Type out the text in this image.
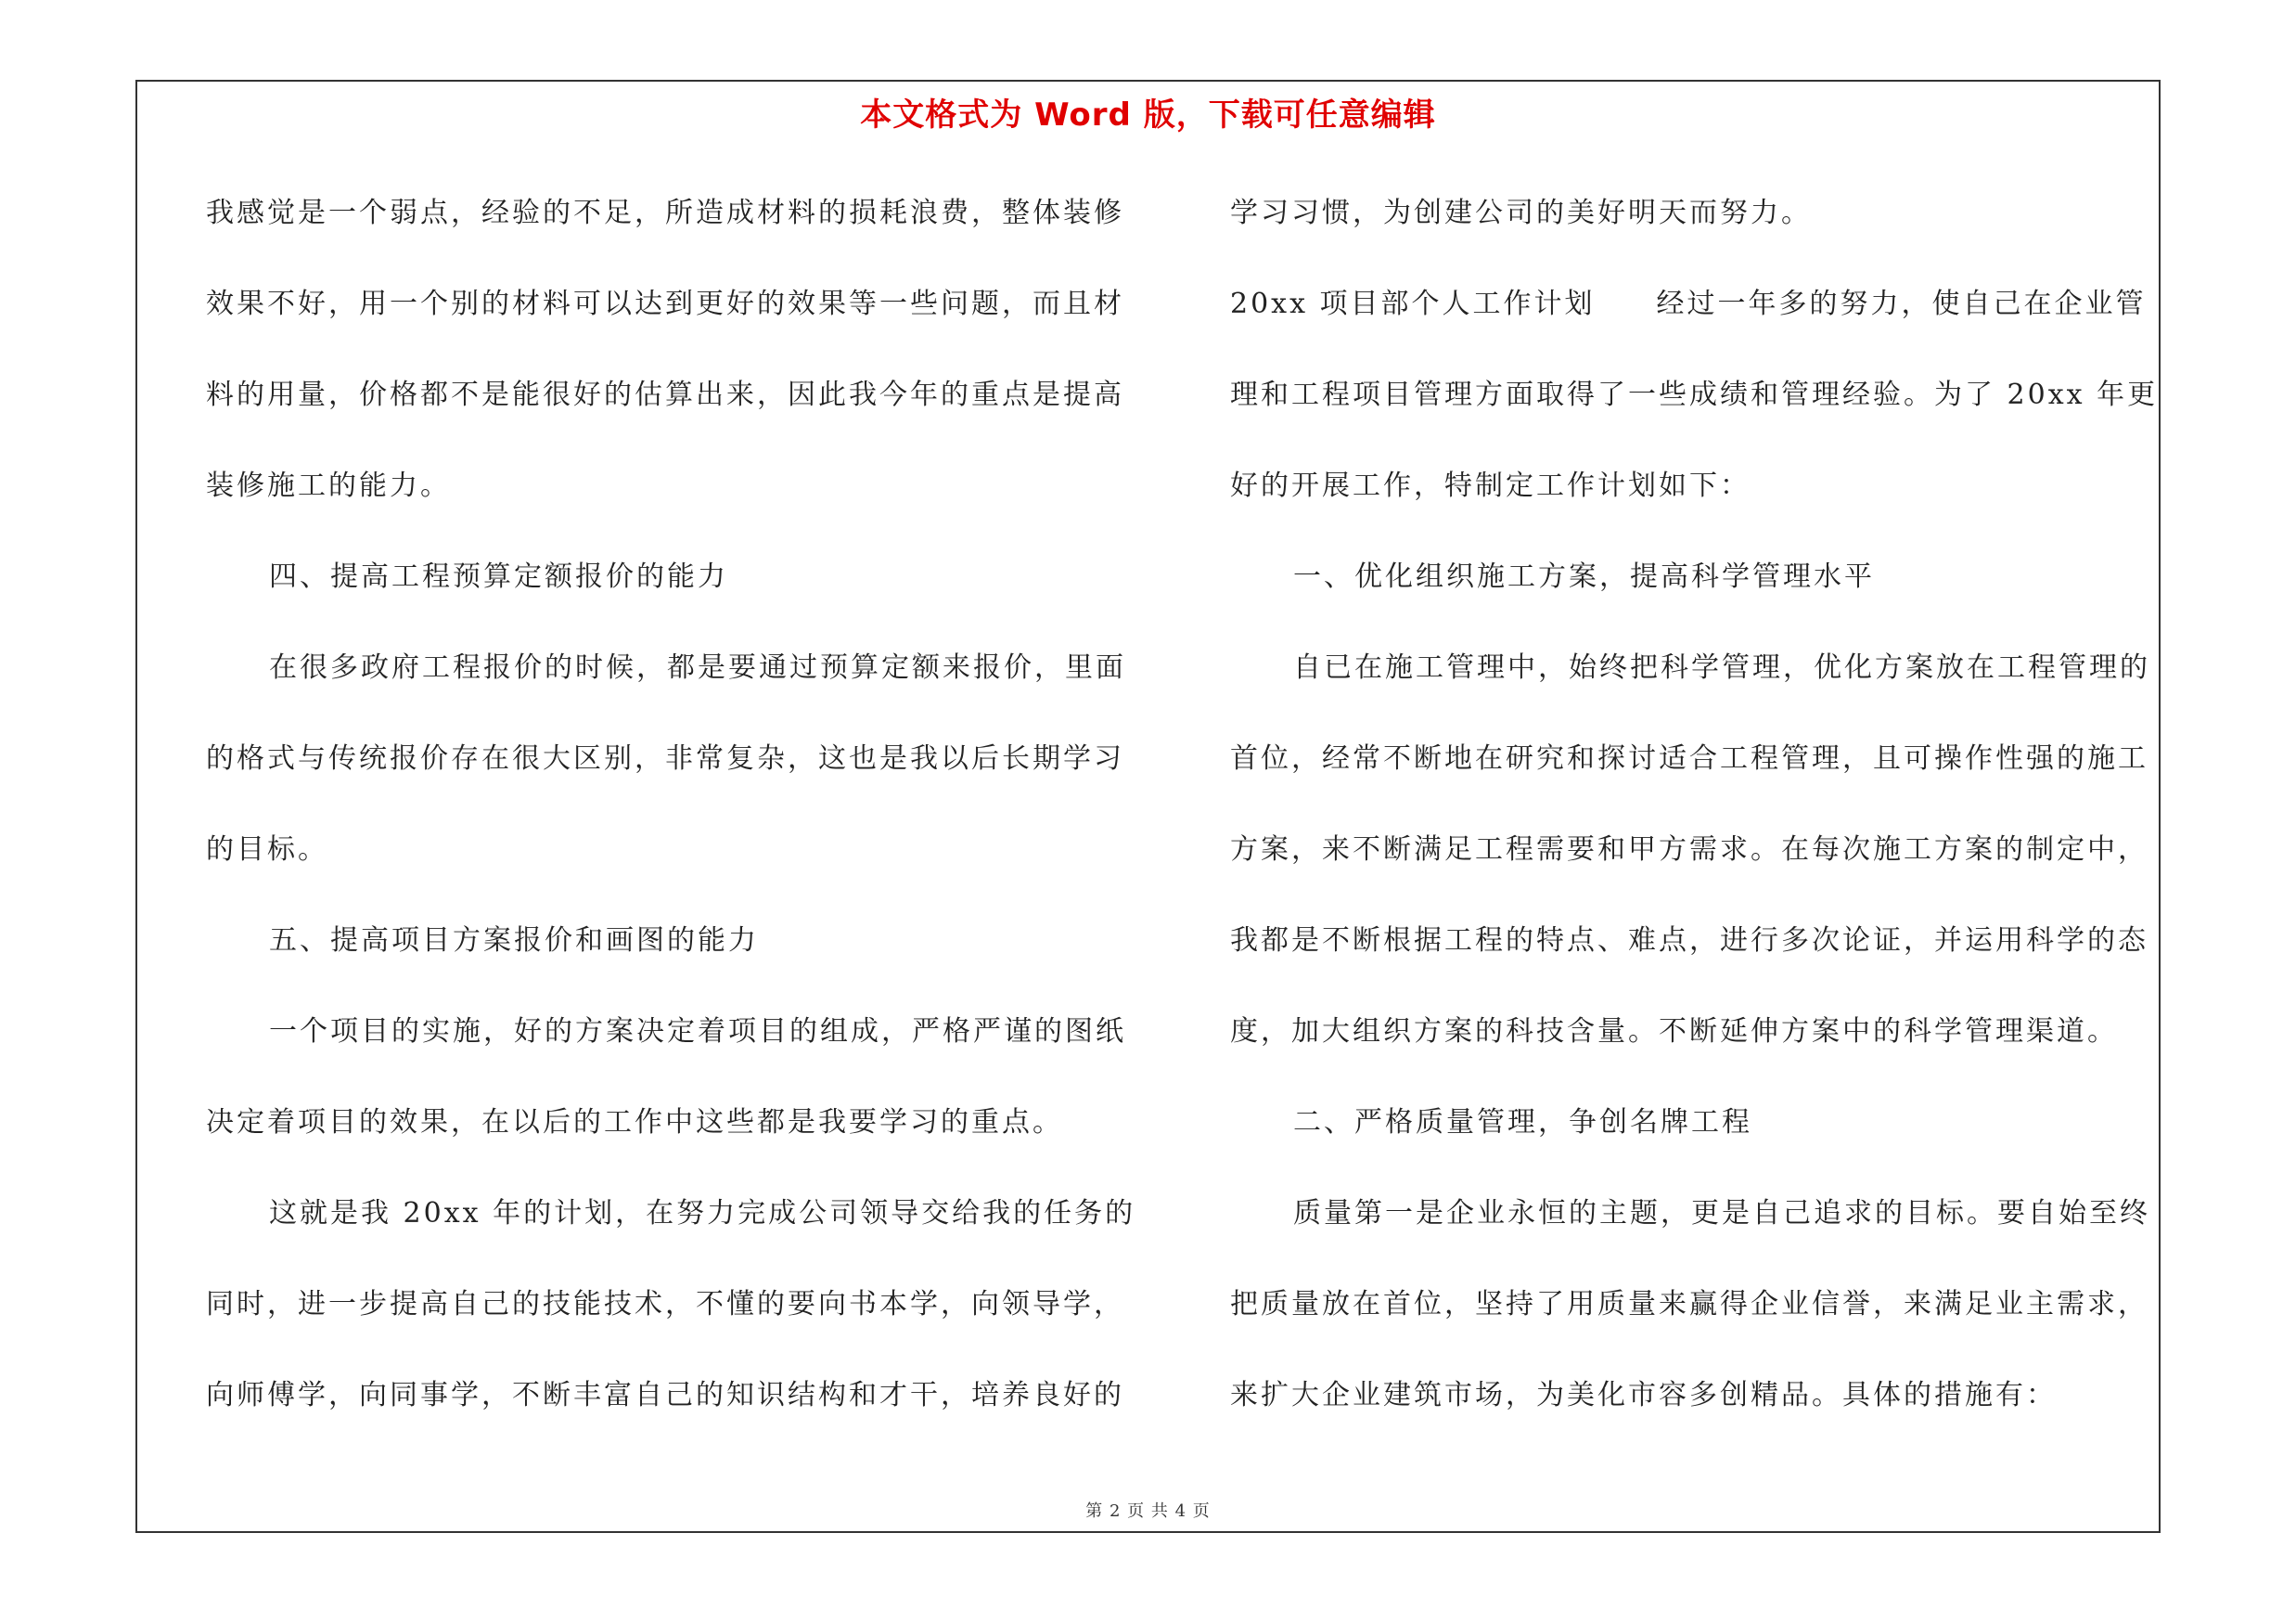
本文格式为 Word 版，下载可任意编辑
我感觉是一个弱点，经验的不足，所造成材料的损耗浪费，整体装修
效果不好，用一个别的材料可以达到更好的效果等一些问题，而且材
料的用量，价格都不是能很好的估算出来，因此我今年的重点是提高
装修施工的能力。
四、提高工程预算定额报价的能力
在很多政府工程报价的时候，都是要通过预算定额来报价，里面
的格式与传统报价存在很大区别，非常复杂，这也是我以后长期学习
的目标。
五、提高项目方案报价和画图的能力
一个项目的实施，好的方案决定着项目的组成，严格严谨的图纸
决定着项目的效果，在以后的工作中这些都是我要学习的重点。
这就是我 20xx 年的计划，在努力完成公司领导交给我的任务的
同时，进一步提高自己的技能技术，不懂的要向书本学，向领导学，
向师傅学，向同事学，不断丰富自己的知识结构和才干，培养良好的
学习习惯，为创建公司的美好明天而努力。
20xx 项目部个人工作计划　　经过一年多的努力，使自己在企业管
理和工程项目管理方面取得了一些成绩和管理经验。为了 20xx 年更
好的开展工作，特制定工作计划如下：
一、优化组织施工方案，提高科学管理水平
自已在施工管理中，始终把科学管理，优化方案放在工程管理的
首位，经常不断地在研究和探讨适合工程管理，且可操作性强的施工
方案，来不断满足工程需要和甲方需求。在每次施工方案的制定中，
我都是不断根据工程的特点、难点，进行多次论证，并运用科学的态
度，加大组织方案的科技含量。不断延伸方案中的科学管理渠道。
二、严格质量管理，争创名牌工程
质量第一是企业永恒的主题，更是自己追求的目标。要自始至终
把质量放在首位，坚持了用质量来赢得企业信誉，来满足业主需求，
来扩大企业建筑市场，为美化市容多创精品。具体的措施有：
第 2 页 共 4 页
